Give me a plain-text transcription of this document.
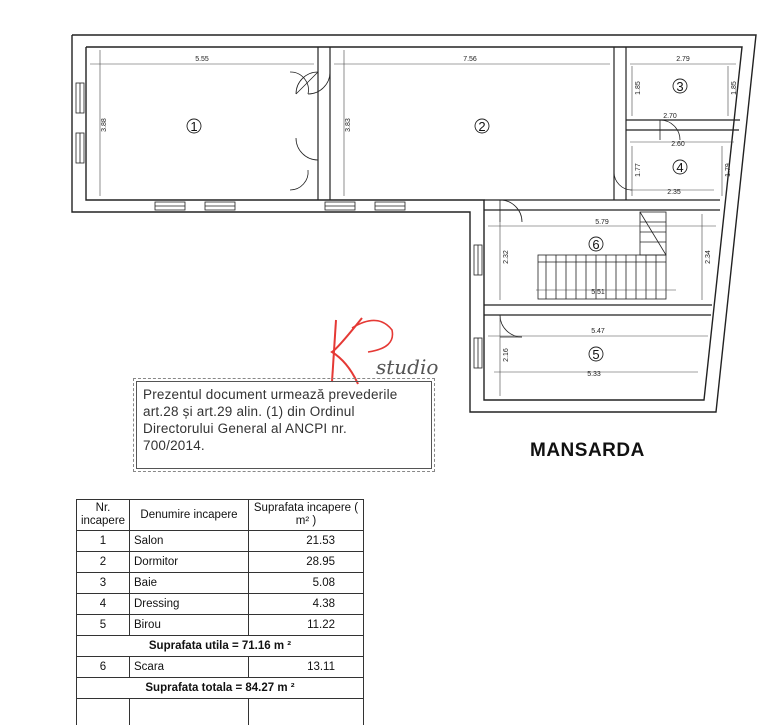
5.55	7.56	2.79
3.88	3.83
1.85	1.85
2.70
2.60
1.77	1.79
2.35
5.79
2.32	2.34
5.51
5.47
2.16
5.33
1	2
3
4
5
6
studio
Prezentul document urmează prevederile
art.28 și art.29 alin. (1) din Ordinul
Directorului General al ANCPI nr.
700/2014.	MANSARDA
Nr. incapere	Denumire incapere	Suprafata incapere ( m² )
1	Salon	21.53
2	Dormitor	28.95
3	Baie	5.08
4	Dressing	4.38
5	Birou	11.22
Suprafata utila = 71.16 m ²		
6	Scara	13.11
Suprafata totala = 84.27 m ²		
